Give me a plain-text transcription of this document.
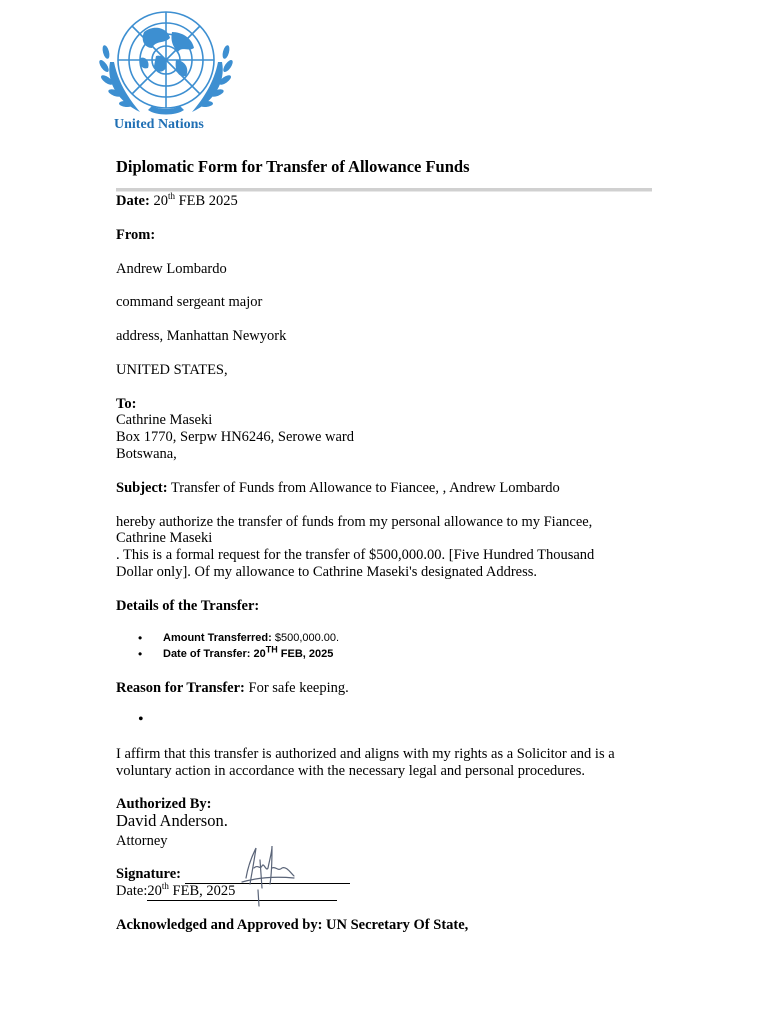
United Nations
Diplomatic Form for Transfer of Allowance Funds
Date: 20th FEB 2025
From:
Andrew Lombardo
command sergeant major
address, Manhattan Newyork
UNITED STATES,
To:
Cathrine Maseki
Box 1770, Serpw HN6246, Serowe ward
Botswana,
Subject: Transfer of Funds from Allowance to Fiancee, , Andrew Lombardo
hereby authorize the transfer of funds from my personal allowance to my Fiancee,
Cathrine Maseki
. This is a formal request for the transfer of $500,000.00. [Five Hundred Thousand
Dollar only]. Of my allowance to Cathrine Maseki's designated Address.
Details of the Transfer:
• Amount Transferred: $500,000.00.
• Date of Transfer: 20TH FEB, 2025
Reason for Transfer: For safe keeping.
•
I affirm that this transfer is authorized and aligns with my rights as a Solicitor and is a
voluntary action in accordance with the necessary legal and personal procedures.
Authorized By:
David Anderson.
Attorney
Signature:
Date:20th FEB, 2025
Acknowledged and Approved by: UN Secretary Of State,
